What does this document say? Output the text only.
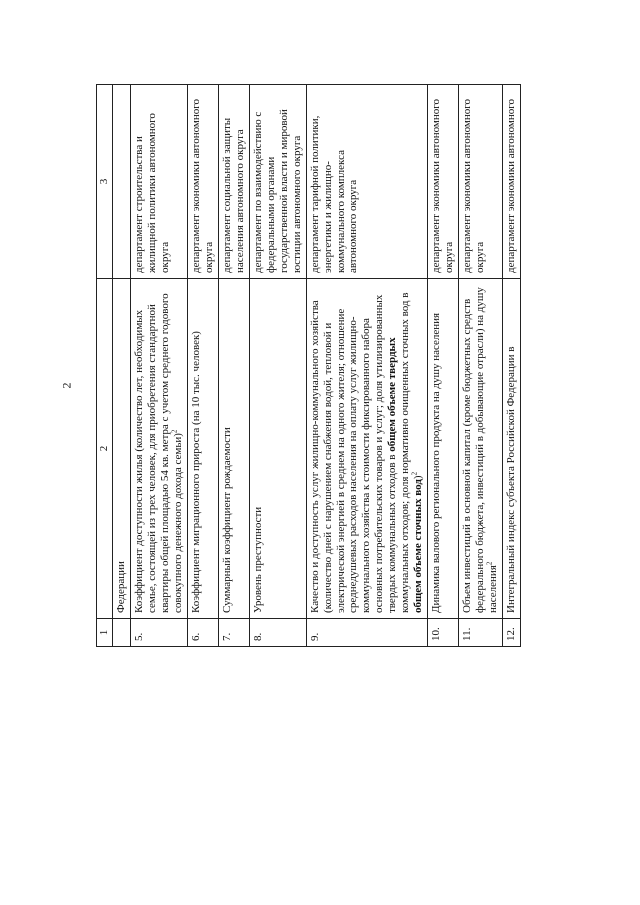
2
1	2	3
	Федерации	
5.	Коэффициент доступности жилья (количество лет, необходимых семье, состоящей из трех человек, для приобретения стандартной квартиры общей площадью 54 кв. метра с учетом среднего годового совокупного денежного дохода семьи)$^2$	департамент строительства и жилищной политики автономного округа
6.	Коэффициент миграционного прироста (на 10 тыс. человек)	департамент экономики автономного округа
7.	Суммарный коэффициент рождаемости	департамент социальной защиты населения автономного округа
8.	Уровень преступности	департамент по взаимодействию с федеральными органами государственной власти и мировой юстиции автономного округа
9.	Качество и доступность услуг жилищно-коммунального хозяйства (количество дней с нарушением снабжения водой, тепловой и электрической энергией в среднем на одного жителя; отношение среднедушевых расходов населения на оплату услуг жилищно-коммунального хозяйства к стоимости фиксированного набора основных потребительских товаров и услуг; доля утилизированных твердых коммунальных отходов в общем объеме твердых коммунальных отходов; доля нормативно очищенных сточных вод в общем объеме сточных вод)$^2$	департамент тарифной политики, энергетики и жилищно-коммунального комплекса автономного округа
10.	Динамика валового регионального продукта на душу населения	департамент экономики автономного округа
11.	Объем инвестиций в основной капитал (кроме бюджетных средств федерального бюджета, инвестиций в добывающие отрасли) на душу населения$^2$	департамент экономики автономного округа
12.	Интегральный индекс субъекта Российской Федерации в	департамент экономики автономного
